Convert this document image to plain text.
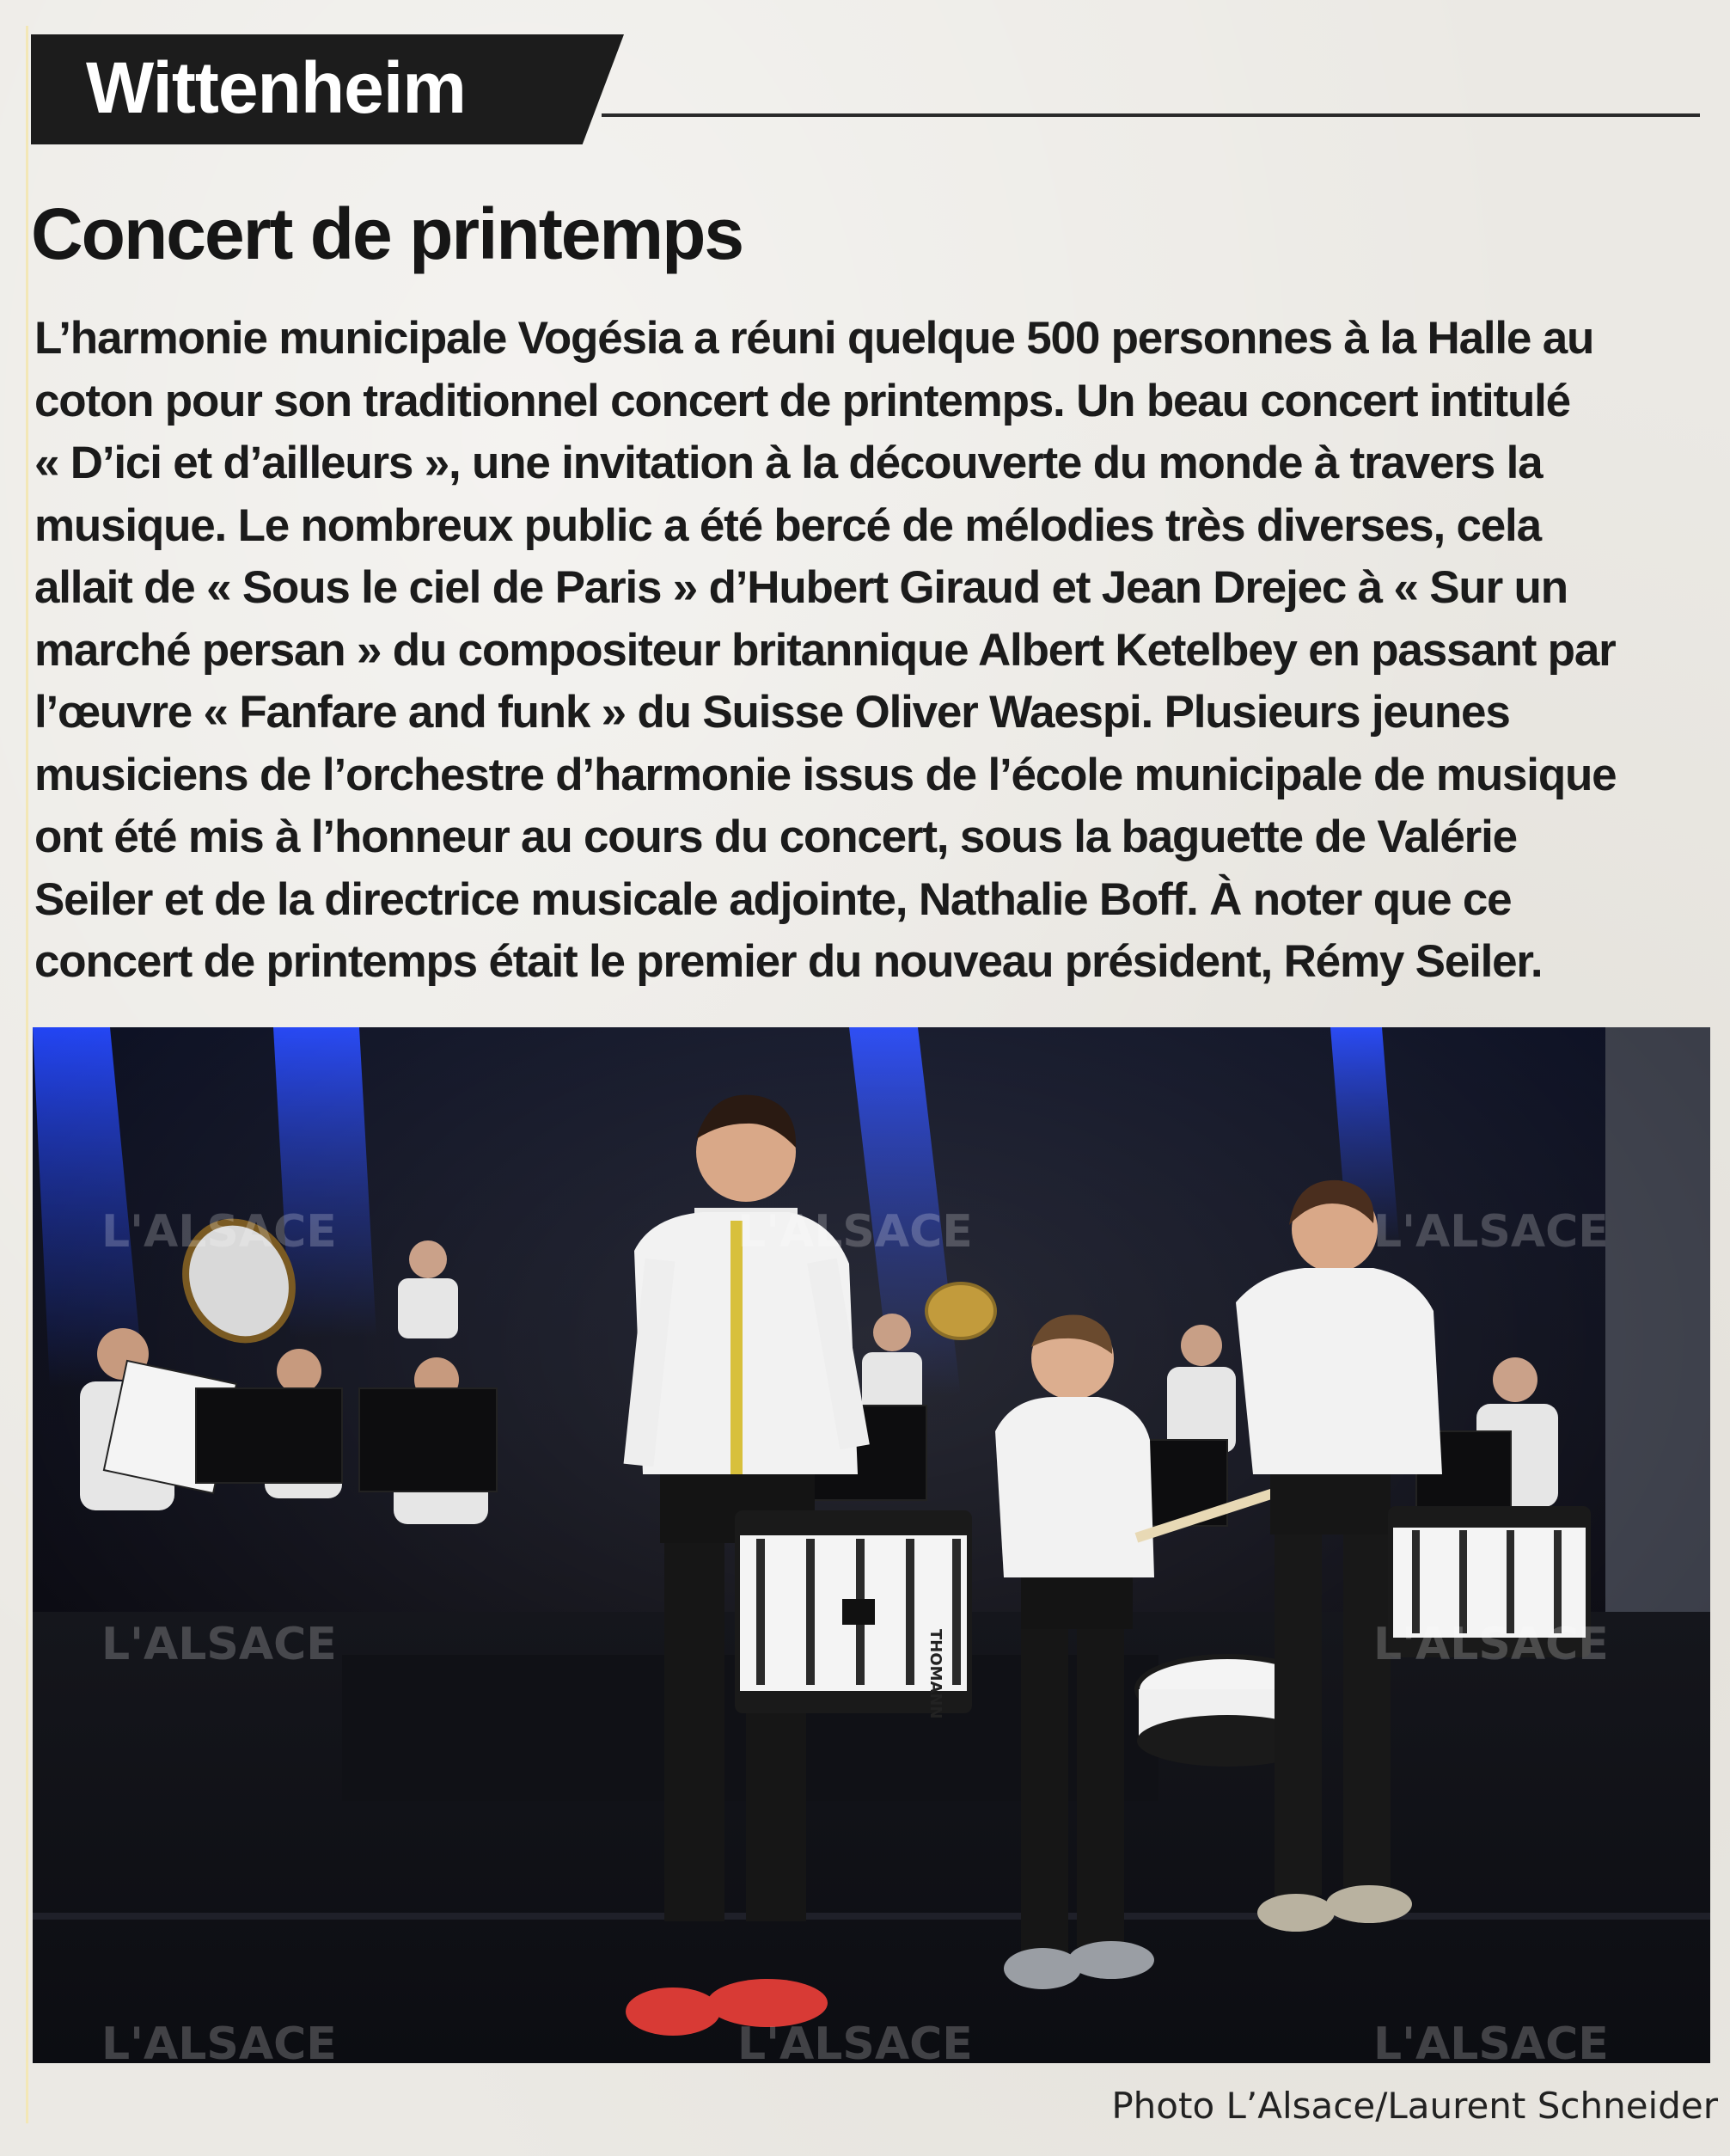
Wittenheim
Concert de printemps
L’harmonie municipale Vogésia a réuni quelque 500 personnes à la Halle au
coton pour son traditionnel concert de printemps. Un beau concert intitulé
« D’ici et d’ailleurs », une invitation à la découverte du monde à travers la
musique. Le nombreux public a été bercé de mélodies très diverses, cela
allait de « Sous le ciel de Paris » d’Hubert Giraud et Jean Drejec à « Sur un
marché persan » du compositeur britannique Albert Ketelbey en passant par
l’œuvre « Fanfare and funk » du Suisse Oliver Waespi. Plusieurs jeunes
musiciens de l’orchestre d’harmonie issus de l’école municipale de musique
ont été mis à l’honneur au cours du concert, sous la baguette de Valérie
Seiler et de la directrice musicale adjointe, Nathalie Boff. À noter que ce
concert de printemps était le premier du nouveau président, Rémy Seiler.
THOMANN
L'ALSACE	L'ALSACE	L'ALSACE
L'ALSACE	L'ALSACE
L'ALSACE	L'ALSACE	L'ALSACE
Photo L’Alsace/Laurent Schneider
